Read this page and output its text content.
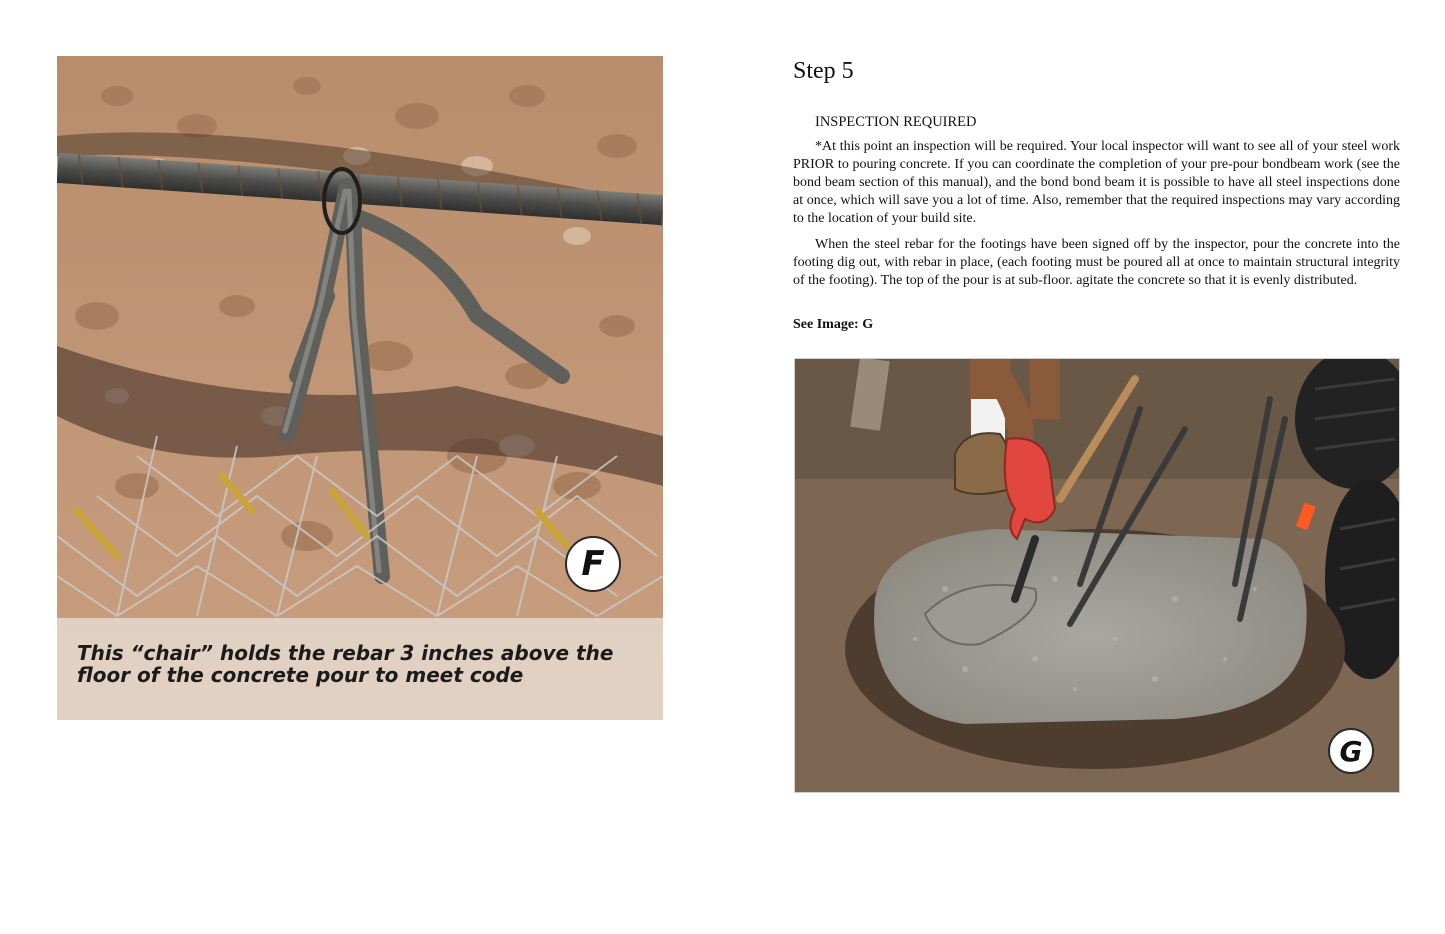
This “chair” holds the rebar 3 inches above the floor of the concrete pour to meet code
F
Step 5
INSPECTION REQUIRED

*At this point an inspection will be required. Your local inspector will want to see all of your steel work PRIOR to pouring concrete. If you can coordinate the completion of your pre-pour bondbeam work (see the bond beam section of this manual), and the bond bond beam it is possible to have all steel inspections done at once, which will save you a lot of time. Also, remember that the required inspections may vary according to the location of your build site.

When the steel rebar for the footings have been signed off by the inspector, pour the concrete into the footing dig out, with rebar in place, (each footing must be poured all at once to maintain structural integrity of the footing). The top of the pour is at sub-floor. agitate the concrete so that it is evenly distributed.

See Image: G
G
